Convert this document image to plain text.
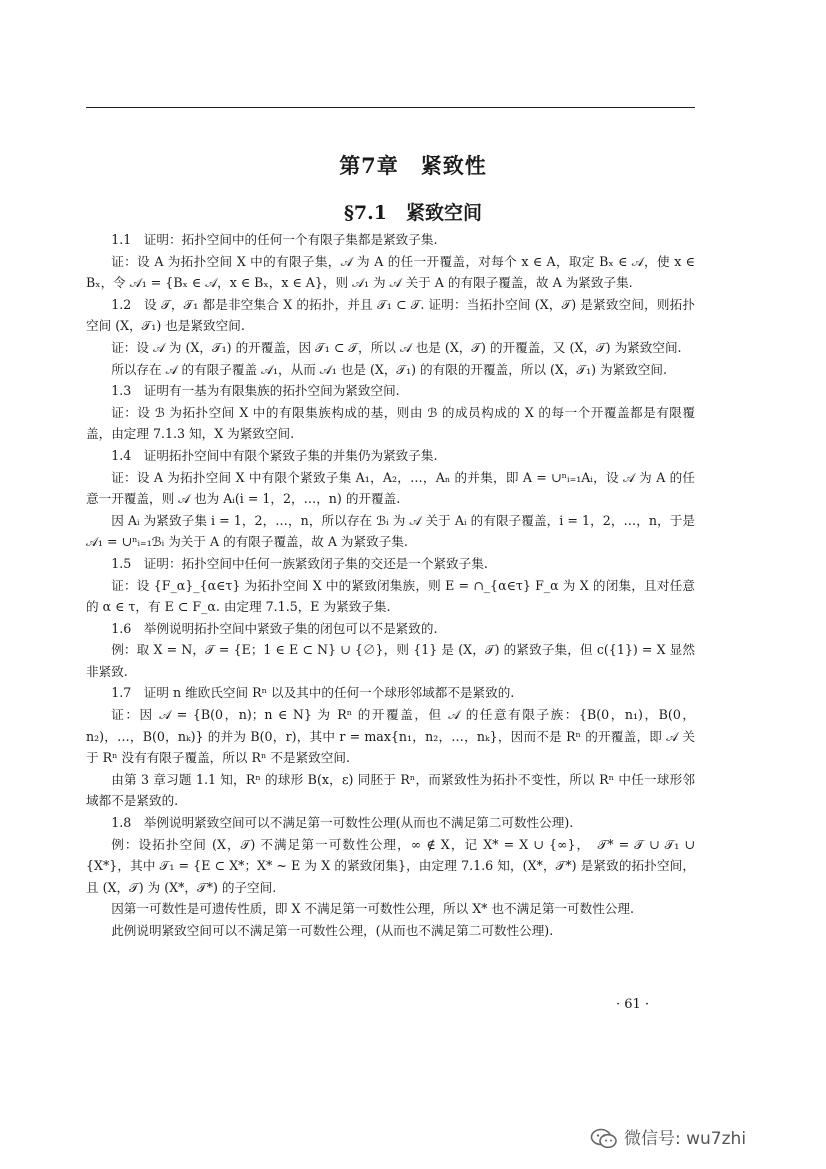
第7章　紧致性
§7.1　紧致空间

1.1　证明：拓扑空间中的任何一个有限子集都是紧致子集.

证：设 A 为拓扑空间 X 中的有限子集，𝒜 为 A 的任一开覆盖，对每个 x ∈ A，取定 Bₓ ∈ 𝒜，使 x ∈ Bₓ，令 𝒜₁ = {Bₓ ∈ 𝒜，x ∈ Bₓ，x ∈ A}，则 𝒜₁ 为 𝒜 关于 A 的有限子覆盖，故 A 为紧致子集.

1.2　设 𝒯，𝒯₁ 都是非空集合 X 的拓扑，并且 𝒯₁ ⊂ 𝒯. 证明：当拓扑空间 (X，𝒯) 是紧致空间，则拓扑空间 (X，𝒯₁) 也是紧致空间.

证：设 𝒜 为 (X，𝒯₁) 的开覆盖，因 𝒯₁ ⊂ 𝒯，所以 𝒜 也是 (X，𝒯) 的开覆盖，又 (X，𝒯) 为紧致空间.

所以存在 𝒜 的有限子覆盖 𝒜₁，从而 𝒜₁ 也是 (X，𝒯₁) 的有限的开覆盖，所以 (X，𝒯₁) 为紧致空间.

1.3　证明有一基为有限集族的拓扑空间为紧致空间.

证：设 ℬ 为拓扑空间 X 中的有限集族构成的基，则由 ℬ 的成员构成的 X 的每一个开覆盖都是有限覆盖，由定理 7.1.3 知，X 为紧致空间.

1.4　证明拓扑空间中有限个紧致子集的并集仍为紧致子集.

证：设 A 为拓扑空间 X 中有限个紧致子集 A₁，A₂，…，Aₙ 的并集，即 A = ∪ⁿᵢ₌₁Aᵢ，设 𝒜 为 A 的任意一开覆盖，则 𝒜 也为 Aᵢ(i = 1，2，…，n) 的开覆盖.

因 Aᵢ 为紧致子集 i = 1，2，…，n，所以存在 ℬᵢ 为 𝒜 关于 Aᵢ 的有限子覆盖，i = 1，2，…，n，于是 𝒜₁ = ∪ⁿᵢ₌₁ℬᵢ 为关于 A 的有限子覆盖，故 A 为紧致子集.

1.5　证明：拓扑空间中任何一族紧致闭子集的交还是一个紧致子集.

证：设 {F_α}_{α∈τ} 为拓扑空间 X 中的紧致闭集族，则 E = ∩_{α∈τ} F_α 为 X 的闭集，且对任意的 α ∈ τ，有 E ⊂ F_α. 由定理 7.1.5，E 为紧致子集.

1.6　举例说明拓扑空间中紧致子集的闭包可以不是紧致的.

例：取 X = N，𝒯 = {E；1 ∈ E ⊂ N} ∪ {∅}，则 {1} 是 (X，𝒯) 的紧致子集，但 c({1}) = X 显然非紧致.

1.7　证明 n 维欧氏空间 Rⁿ 以及其中的任何一个球形邻域都不是紧致的.

证：因 𝒜 = {B(0，n)；n ∈ N} 为 Rⁿ 的开覆盖，但 𝒜 的任意有限子族：{B(0，n₁)，B(0，n₂)，…，B(0，nₖ)} 的并为 B(0，r)，其中 r = max{n₁，n₂，…，nₖ}，因而不是 Rⁿ 的开覆盖，即 𝒜 关于 Rⁿ 没有有限子覆盖，所以 Rⁿ 不是紧致空间.

由第 3 章习题 1.1 知，Rⁿ 的球形 B(x，ε) 同胚于 Rⁿ，而紧致性为拓扑不变性，所以 Rⁿ 中任一球形邻域都不是紧致的.

1.8　举例说明紧致空间可以不满足第一可数性公理(从而也不满足第二可数性公理).

例：设拓扑空间 (X，𝒯) 不满足第一可数性公理，∞ ∉ X，记 X* = X ∪ {∞}，　𝒯* = 𝒯 ∪ 𝒯₁ ∪ {X*}，其中 𝒯₁ = {E ⊂ X*；X* ~ E 为 X 的紧致闭集}，由定理 7.1.6 知，(X*，𝒯*) 是紧致的拓扑空间，且 (X，𝒯) 为 (X*，𝒯*) 的子空间.

因第一可数性是可遗传性质，即 X 不满足第一可数性公理，所以 X* 也不满足第一可数性公理.

此例说明紧致空间可以不满足第一可数性公理，(从而也不满足第二可数性公理).

· 61 ·
微信号: wu7zhi
